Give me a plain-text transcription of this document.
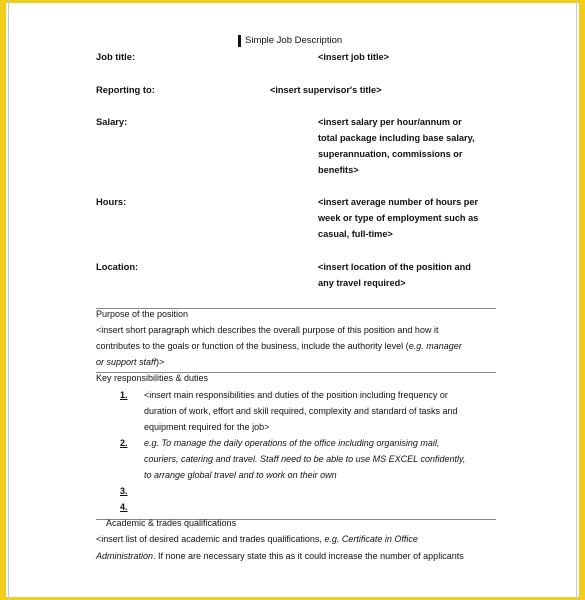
Simple Job Description
Job title:	<insert job title>
Reporting to:	<insert supervisor's title>
Salary:	<insert salary per hour/annum or
total package including base salary,
superannuation, commissions or
benefits>
Hours:	<insert average number of hours per
week or type of employment such as
casual, full-time>
Location:	<insert location of the position and
any travel required>
Purpose of the position
<insert short paragraph which describes the overall purpose of this position and how it
contributes to the goals or function of the business, include the authority level (e.g. manager
or support staff)>
Key responsibilities & duties
1. <insert main responsibilities and duties of the position including frequency or
duration of work, effort and skill required, complexity and standard of tasks and
equipment required for the job>
2. e.g. To manage the daily operations of the office including organising mail,
couriers, catering and travel. Staff need to be able to use MS EXCEL confidently,
to arrange global travel and to work on their own
3.
4.
Academic & trades qualifications
<insert list of desired academic and trades qualifications, e.g. Certificate in Office
Administration. If none are necessary state this as it could increase the number of applicants
